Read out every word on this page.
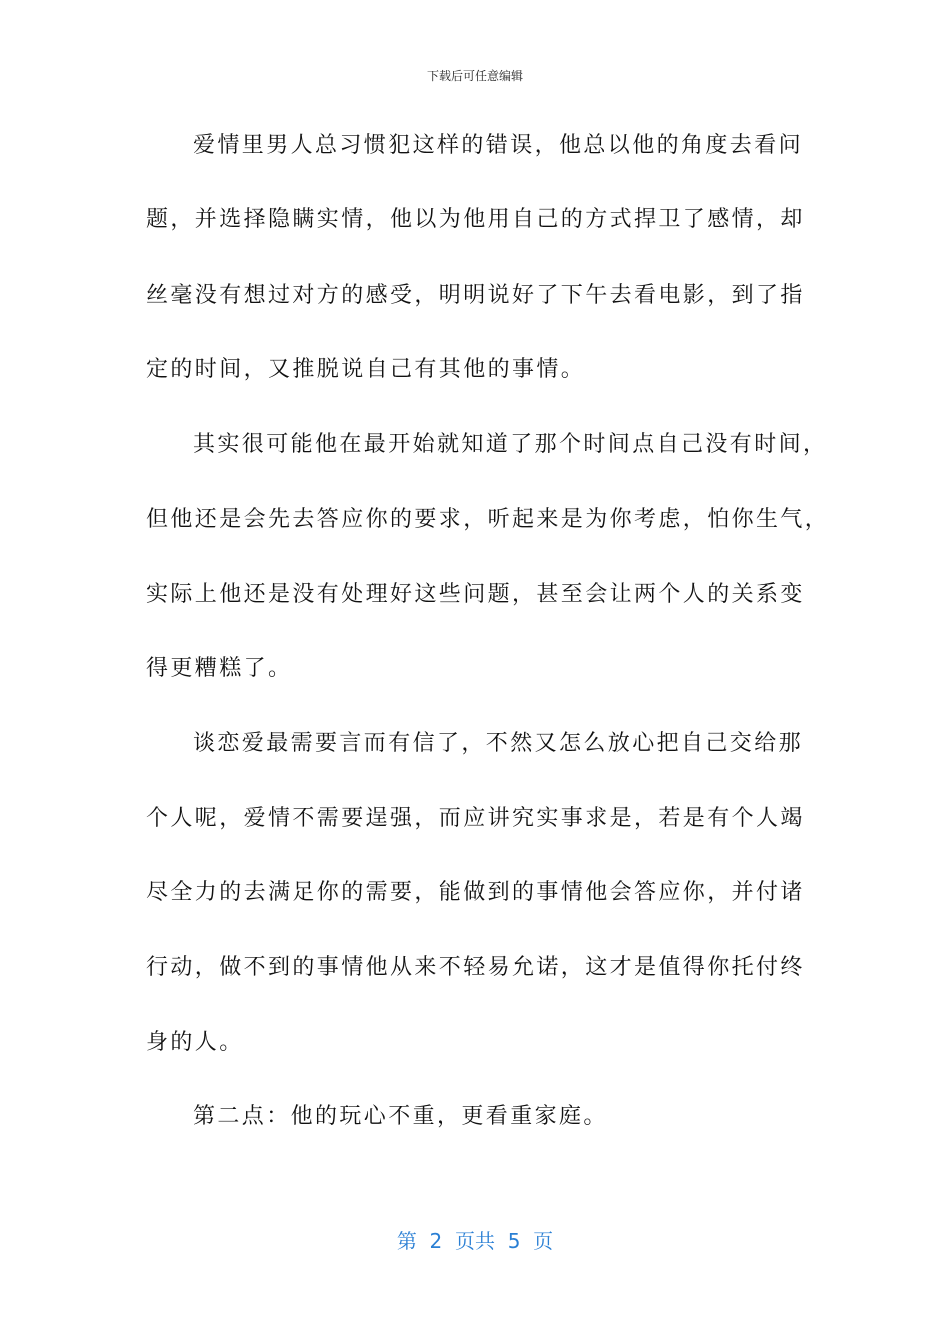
下载后可任意编辑
爱情里男人总习惯犯这样的错误，他总以他的角度去看问
题，并选择隐瞒实情，他以为他用自己的方式捍卫了感情，却
丝毫没有想过对方的感受，明明说好了下午去看电影，到了指
定的时间，又推脱说自己有其他的事情。
其实很可能他在最开始就知道了那个时间点自己没有时间，
但他还是会先去答应你的要求，听起来是为你考虑，怕你生气，
实际上他还是没有处理好这些问题，甚至会让两个人的关系变
得更糟糕了。
谈恋爱最需要言而有信了，不然又怎么放心把自己交给那
个人呢，爱情不需要逞强，而应讲究实事求是，若是有个人竭
尽全力的去满足你的需要，能做到的事情他会答应你，并付诸
行动，做不到的事情他从来不轻易允诺，这才是值得你托付终
身的人。
第二点：他的玩心不重，更看重家庭。
第  2  页共  5  页
